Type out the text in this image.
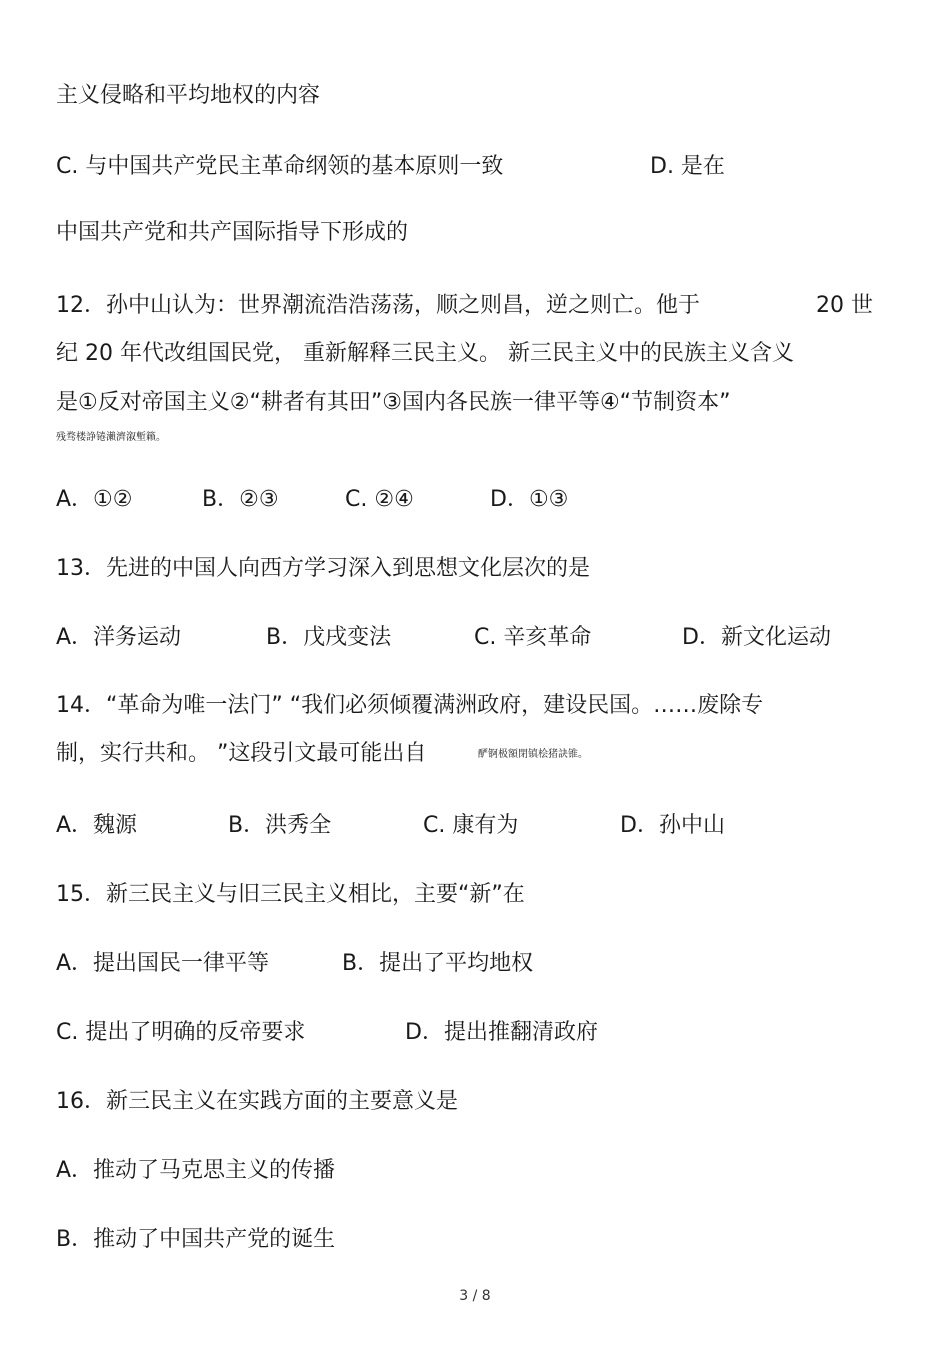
主义侵略和平均地权的内容
C. 与中国共产党民主革命纲领的基本原则一致	D. 是在
中国共产党和共产国际指导下形成的
12．孙中山认为：世界潮流浩浩荡荡，顺之则昌，逆之则亡。他于	20 世
纪 20 年代改组国民党， 重新解释三民主义。 新三民主义中的民族主义含义
是①反对帝国主义②“耕者有其田”③国内各民族一律平等④“节制资本”
残骛楼諍锩瀨濟溆塹籟。
A．①②	B．②③	C. ②④	D．①③
13．先进的中国人向西方学习深入到思想文化层次的是
A．洋务运动	B．戊戌变法	C. 辛亥革命	D．新文化运动
14．“革命为唯一法门” “我们必须倾覆满洲政府，建设民国。……废除专
制，实行共和。 ”这段引文最可能出自	酽锕极額閉镇桧猪訣锥。
A．魏源	B．洪秀全	C. 康有为	D．孙中山
15．新三民主义与旧三民主义相比，主要“新”在
A．提出国民一律平等	B．提出了平均地权
C. 提出了明确的反帝要求	D．提出推翻清政府
16．新三民主义在实践方面的主要意义是
A．推动了马克思主义的传播
B．推动了中国共产党的诞生
3 / 8
